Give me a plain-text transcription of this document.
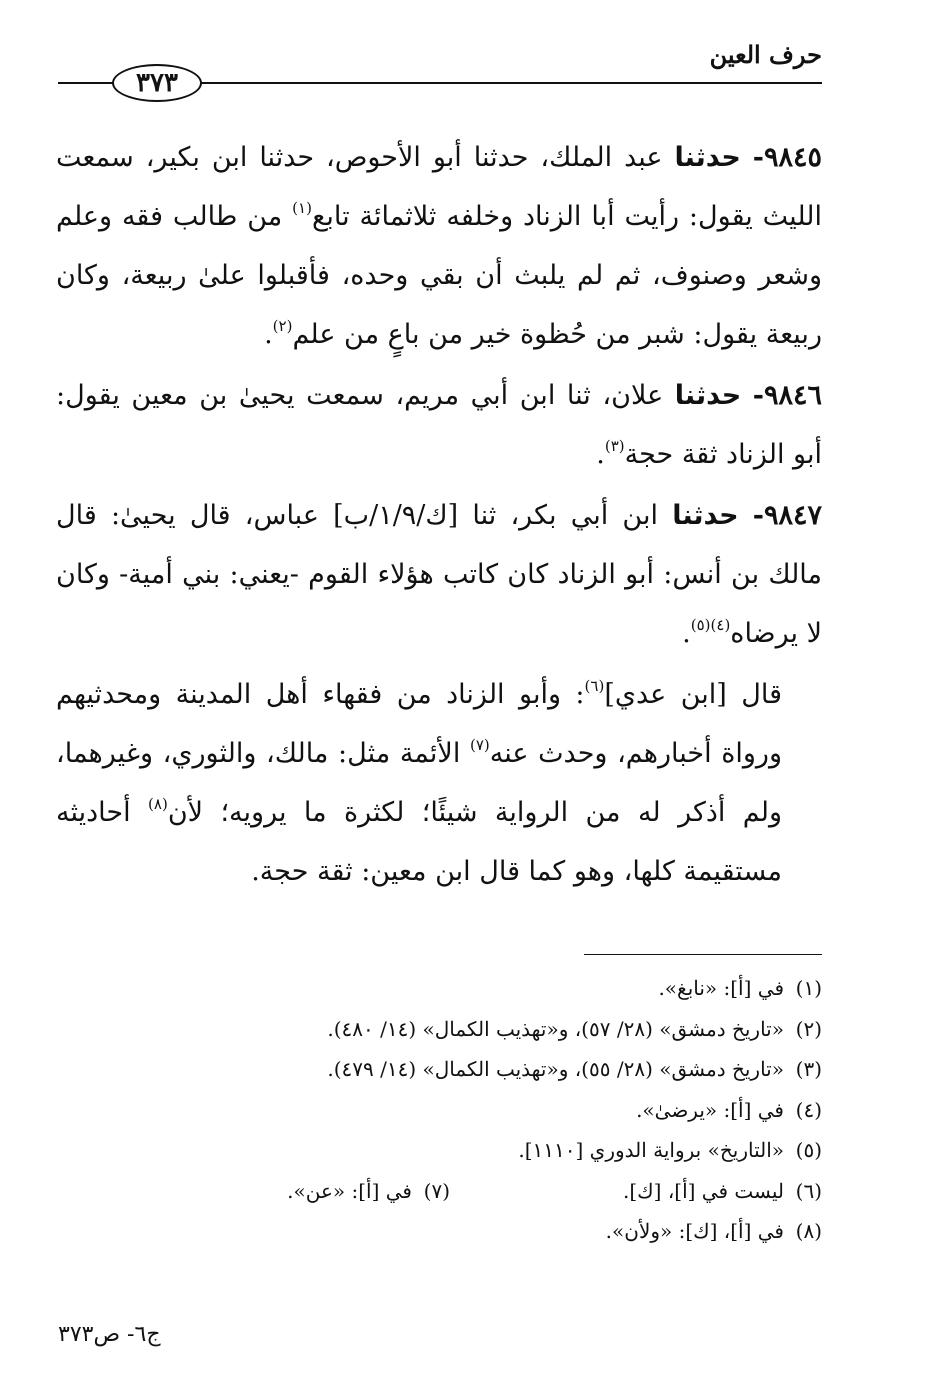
حرف العين
٣٧٣

٩٨٤٥- حدثنا عبد الملك، حدثنا أبو الأحوص، حدثنا ابن بكير، سمعت الليث يقول: رأيت أبا الزناد وخلفه ثلاثمائة تابع$^{(١)}$ من طالب فقه وعلم وشعر وصنوف، ثم لم يلبث أن بقي وحده، فأقبلوا علىٰ ربيعة، وكان ربيعة يقول: شبر من حُظوة خير من باعٍ من علم$^{(٢)}$.

٩٨٤٦- حدثنا علان، ثنا ابن أبي مريم، سمعت يحيىٰ بن معين يقول: أبو الزناد ثقة حجة$^{(٣)}$.

٩٨٤٧- حدثنا ابن أبي بكر، ثنا [ك/١/٩/ب] عباس، قال يحيىٰ: قال مالك بن أنس: أبو الزناد كان كاتب هؤلاء القوم -يعني: بني أمية- وكان لا يرضاه$^{(٤)(٥)}$.

قال [ابن عدي]$^{(٦)}$: وأبو الزناد من فقهاء أهل المدينة ومحدثيهم ورواة أخبارهم، وحدث عنه$^{(٧)}$ الأئمة مثل: مالك، والثوري، وغيرهما، ولم أذكر له من الرواية شيئًا؛ لكثرة ما يرويه؛ لأن$^{(٨)}$ أحاديثه مستقيمة كلها، وهو كما قال ابن معين: ثقة حجة.

(١)في [أ]: «نابغ».
(٢)«تاريخ دمشق» (٢٨/ ٥٧)، و«تهذيب الكمال» (١٤/ ٤٨٠).
(٣)«تاريخ دمشق» (٢٨/ ٥٥)، و«تهذيب الكمال» (١٤/ ٤٧٩).
(٤)في [أ]: «يرضىٰ».
(٥)«التاريخ» برواية الدوري [١١١٠].
(٦)ليست في [أ]، [ك].
(٧)في [أ]: «عن».
(٨)في [أ]، [ك]: «ولأن».
ج٦- ص٣٧٣
